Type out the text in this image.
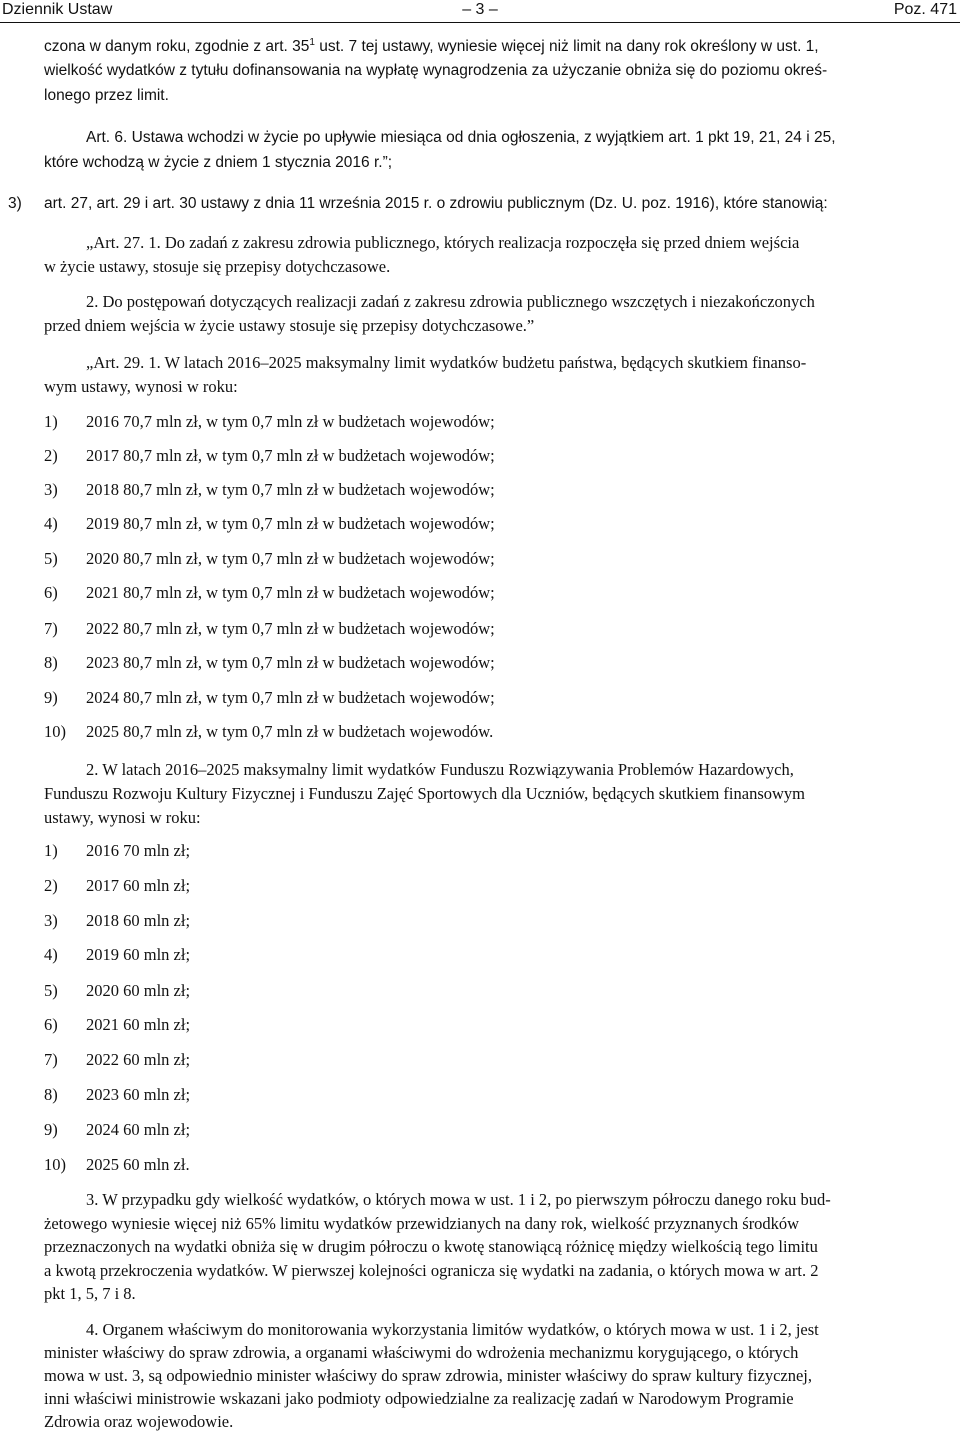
Dziennik Ustaw	– 3 –	Poz. 471
czona w danym roku, zgodnie z art. $35^1$ ust. 7 tej ustawy, wyniesie więcej niż limit na dany rok określony w ust. 1,
wielkość wydatków z tytułu dofinansowania na wypłatę wynagrodzenia za użyczanie obniża się do poziomu okreś-
lonego przez limit.
Art. 6. Ustawa wchodzi w życie po upływie miesiąca od dnia ogłoszenia, z wyjątkiem art. 1 pkt 19, 21, 24 i 25,
które wchodzą w życie z dniem 1 stycznia 2016 r.”;
3) art. 27, art. 29 i art. 30 ustawy z dnia 11 września 2015 r. o zdrowiu publicznym (Dz. U. poz. 1916), które stanowią:
„Art. 27. 1. Do zadań z zakresu zdrowia publicznego, których realizacja rozpoczęła się przed dniem wejścia
w życie ustawy, stosuje się przepisy dotychczasowe.
2. Do postępowań dotyczących realizacji zadań z zakresu zdrowia publicznego wszczętych i niezakończonych
przed dniem wejścia w życie ustawy stosuje się przepisy dotychczasowe.”
„Art. 29. 1. W latach 2016–2025 maksymalny limit wydatków budżetu państwa, będących skutkiem finanso-
wym ustawy, wynosi w roku:
1) 2016 70,7 mln zł, w tym 0,7 mln zł w budżetach wojewodów;
2) 2017 80,7 mln zł, w tym 0,7 mln zł w budżetach wojewodów;
3) 2018 80,7 mln zł, w tym 0,7 mln zł w budżetach wojewodów;
4) 2019 80,7 mln zł, w tym 0,7 mln zł w budżetach wojewodów;
5) 2020 80,7 mln zł, w tym 0,7 mln zł w budżetach wojewodów;
6) 2021 80,7 mln zł, w tym 0,7 mln zł w budżetach wojewodów;
7) 2022 80,7 mln zł, w tym 0,7 mln zł w budżetach wojewodów;
8) 2023 80,7 mln zł, w tym 0,7 mln zł w budżetach wojewodów;
9) 2024 80,7 mln zł, w tym 0,7 mln zł w budżetach wojewodów;
10) 2025 80,7 mln zł, w tym 0,7 mln zł w budżetach wojewodów.
2. W latach 2016–2025 maksymalny limit wydatków Funduszu Rozwiązywania Problemów Hazardowych,
Funduszu Rozwoju Kultury Fizycznej i Funduszu Zajęć Sportowych dla Uczniów, będących skutkiem finansowym
ustawy, wynosi w roku:
1) 2016 70 mln zł;
2) 2017 60 mln zł;
3) 2018 60 mln zł;
4) 2019 60 mln zł;
5) 2020 60 mln zł;
6) 2021 60 mln zł;
7) 2022 60 mln zł;
8) 2023 60 mln zł;
9) 2024 60 mln zł;
10) 2025 60 mln zł.
3. W przypadku gdy wielkość wydatków, o których mowa w ust. 1 i 2, po pierwszym półroczu danego roku bud-
żetowego wyniesie więcej niż 65% limitu wydatków przewidzianych na dany rok, wielkość przyznanych środków
przeznaczonych na wydatki obniża się w drugim półroczu o kwotę stanowiącą różnicę między wielkością tego limitu
a kwotą przekroczenia wydatków. W pierwszej kolejności ogranicza się wydatki na zadania, o których mowa w art. 2
pkt 1, 5, 7 i 8.
4. Organem właściwym do monitorowania wykorzystania limitów wydatków, o których mowa w ust. 1 i 2, jest
minister właściwy do spraw zdrowia, a organami właściwymi do wdrożenia mechanizmu korygującego, o których
mowa w ust. 3, są odpowiednio minister właściwy do spraw zdrowia, minister właściwy do spraw kultury fizycznej,
inni właściwi ministrowie wskazani jako podmioty odpowiedzialne za realizację zadań w Narodowym Programie
Zdrowia oraz wojewodowie.
